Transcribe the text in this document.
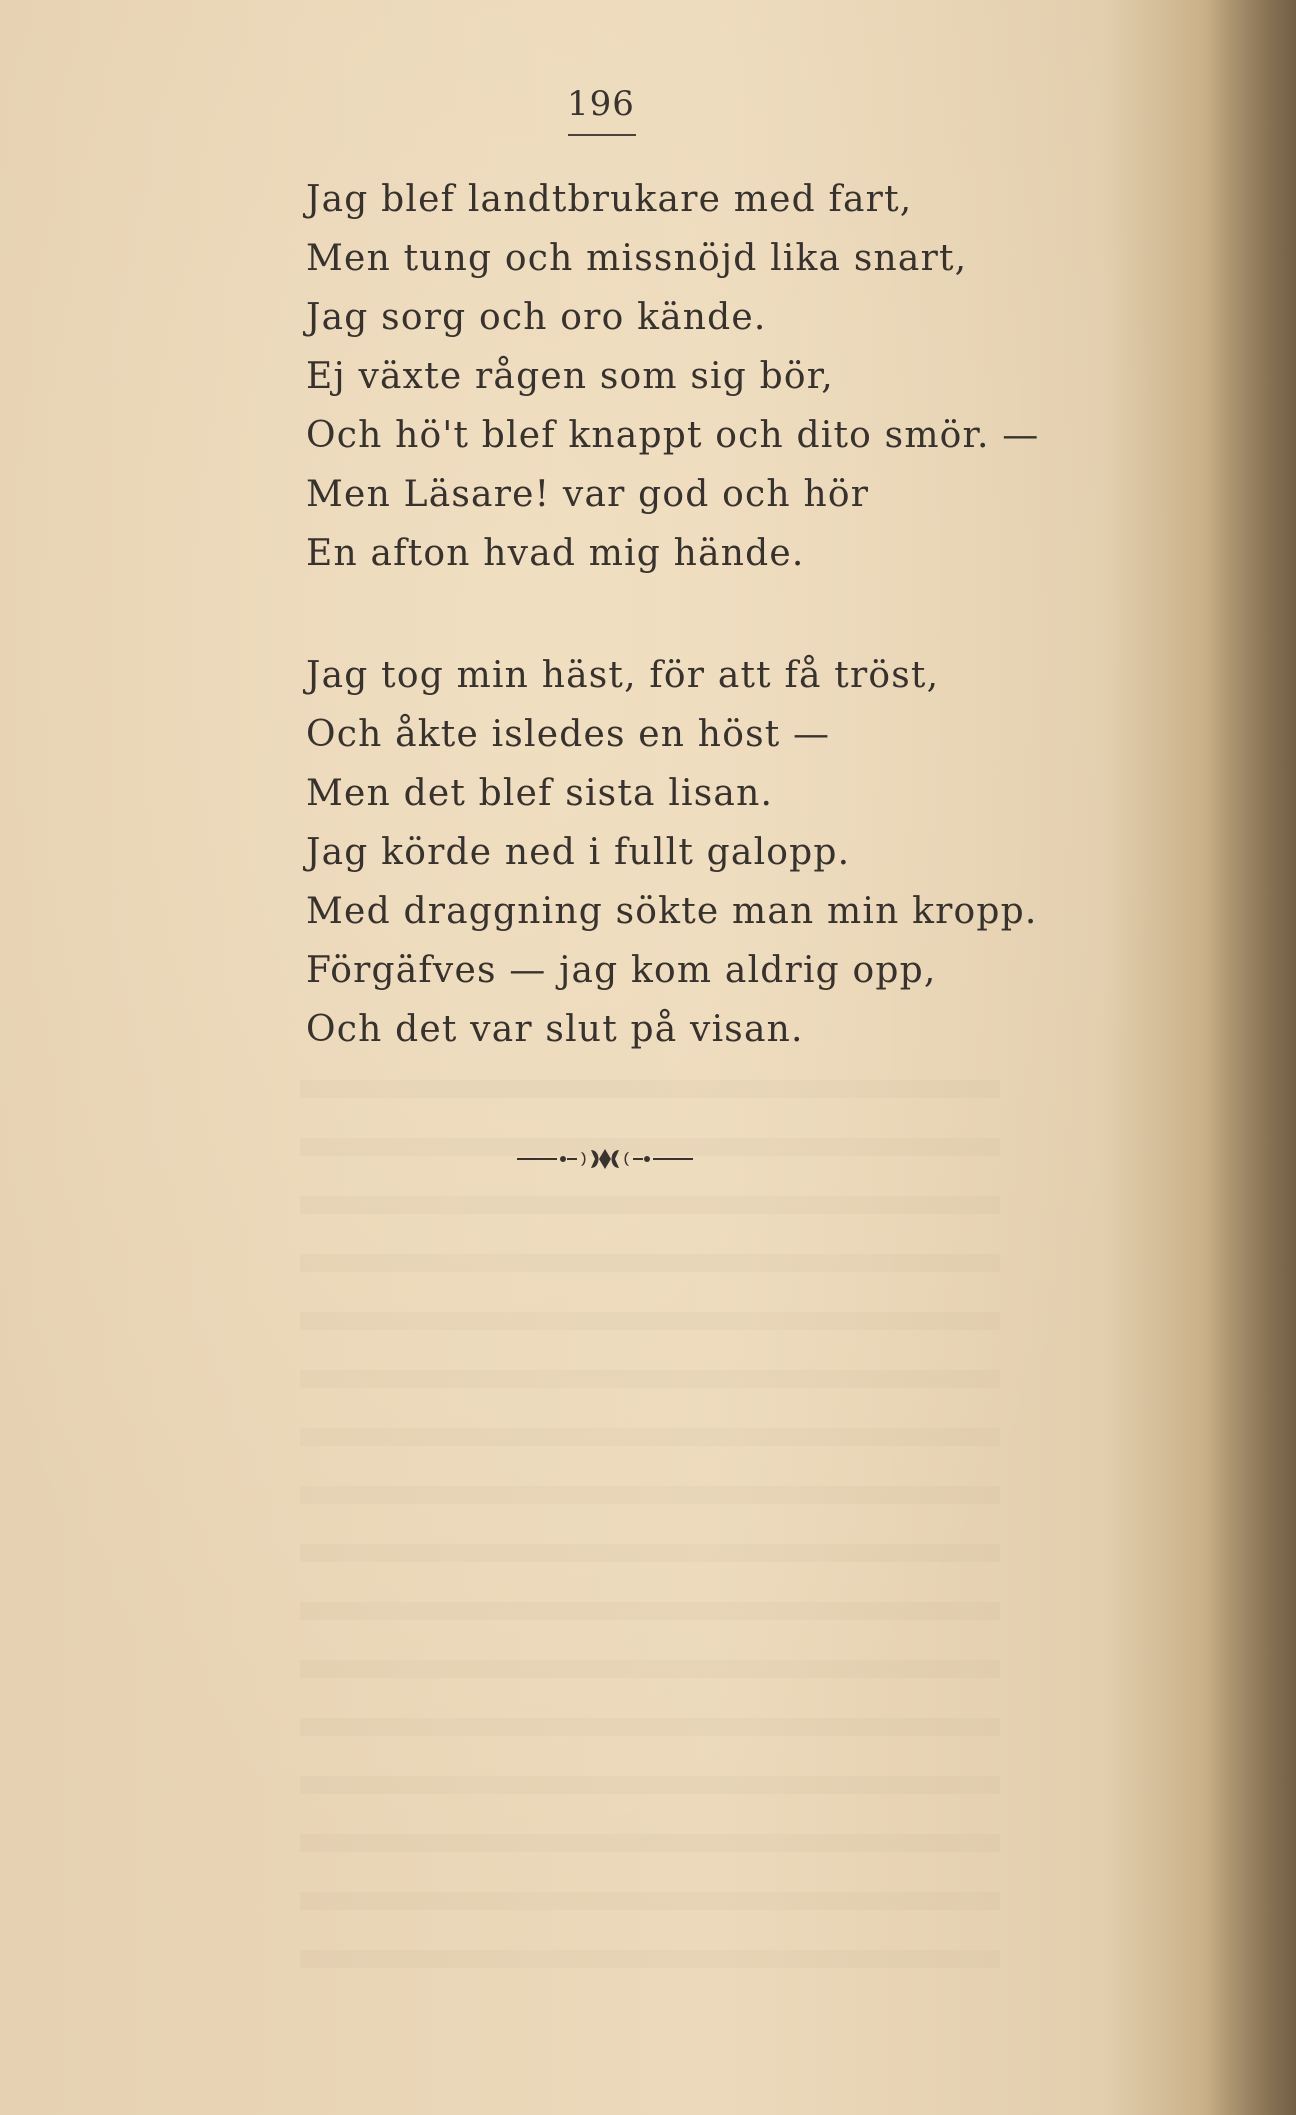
196
Jag blef landtbrukare med fart,
Men tung och missnöjd lika snart,
Jag sorg och oro kände.
Ej växte rågen som sig bör,
Och hö't blef knappt och dito smör. —
Men Läsare! var god och hör
En afton hvad mig hände.
Jag tog min häst, för att få tröst,
Och åkte isledes en höst —
Men det blef sista lisan.
Jag körde ned i fullt galopp.
Med draggning sökte man min kropp.
Förgäfves — jag kom aldrig opp,
Och det var slut på visan.
